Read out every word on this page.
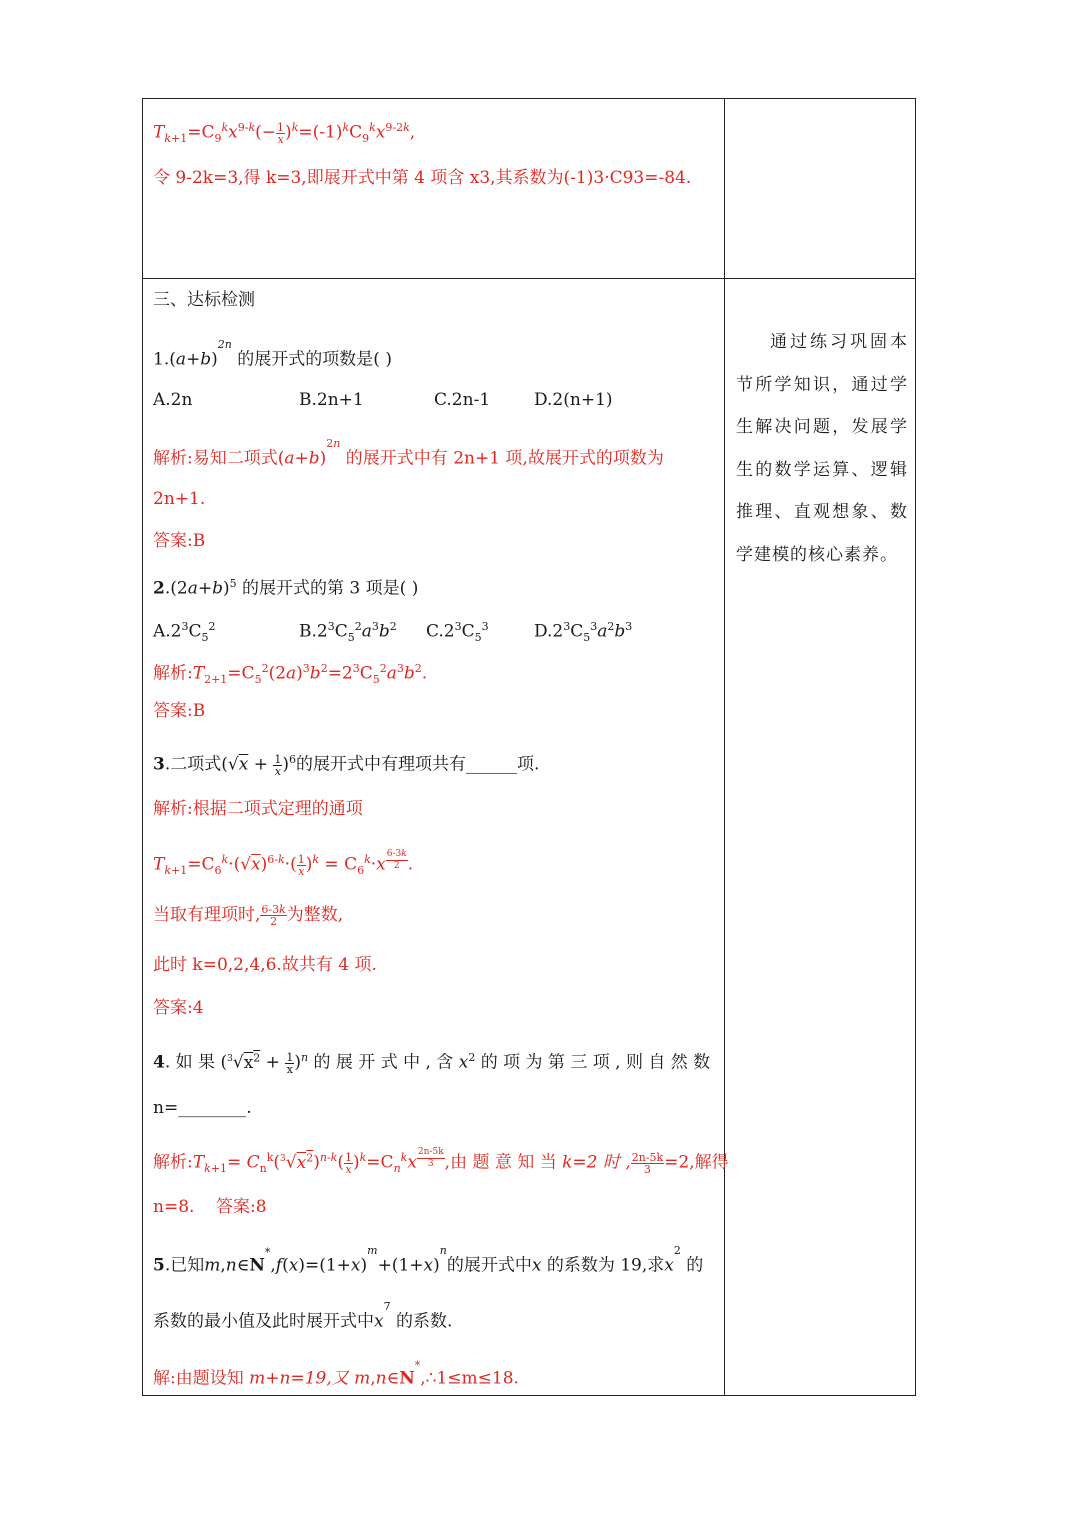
$T_{k+1}=C_9^kx^{9-k}(- \frac{1}{x} )^k=(-1)^kC_9^kx^{9-2k}$,
令 9-2k=3,得 k=3,即展开式中第 4 项含 x3,其系数为(-1)3·C93=-84.
三、达标检测
$1.(a+b)^{2n}$ 的展开式的项数是( )
A.2n	B.2n+1	C.2n-1	D.2(n+1)
解析:易知二项式$(a+b)^{2n}$ 的展开式中有 2n+1 项,故展开式的项数为
2n+1.
答案:B
$2.(2a+b)^5$ 的展开式的第 3 项是( )
$A.2^3C_5^2$	$B.2^3C_5^2a^3b^2$ $C.2^3C_5^3$	$D.2^3C_5^3a^2b^3$
解析$:T_{2+1}=C_5^2(2a)^3b^2=2^3C_5^2a^3b^2$.
答案:B
3.二项式$(√x + \frac{1}{x} )^6$的展开式中有理项共有______项.
解析:根据二项式定理的通项
$T_{k+1}=C_6^k\cdot(√x)^{6-k}\cdot( \frac{1}{x} )^k = C_6^k\cdot x$ $^{\frac{6-3k}{2}}$ .
当取有理项时, $\frac{6-3k}{2}$ 为整数,
此时 k=0,2,4,6.故共有 4 项.
答案:4
4. 如 果 $(^3√x^2 + \frac{1}{x} )^n$ 的 展 开 式 中 , 含 $x^2$ 的 项 为 第 三 项 , 则 自 然 数
n=________.
解析$:T_{k+1}= C_n^k(^3√x^2)^{n-k}( \frac{1}{x} )^k=C_n^kx$ $^{\frac{2n-5k}{3}}$ ,由 题 意 知 当 k=2 时 , $\frac{2n-5k}{3} =2$,解得
n=8. 答案:8
5.已知$m,n\in N^*,f(x)=(1+x)^m+(1+x)^n$的展开式中x 的系数为 19,求$x^2$ 的
系数的最小值及此时展开式中$x^7$ 的系数.
解:由题设知 m+n=19,又 m,n∈N*,∴1≤m≤18.
通过练习巩固本节所学知识，通过学生解决问题，发展学生的数学运算、逻辑推理、直观想象、数学建模的核心素养。
